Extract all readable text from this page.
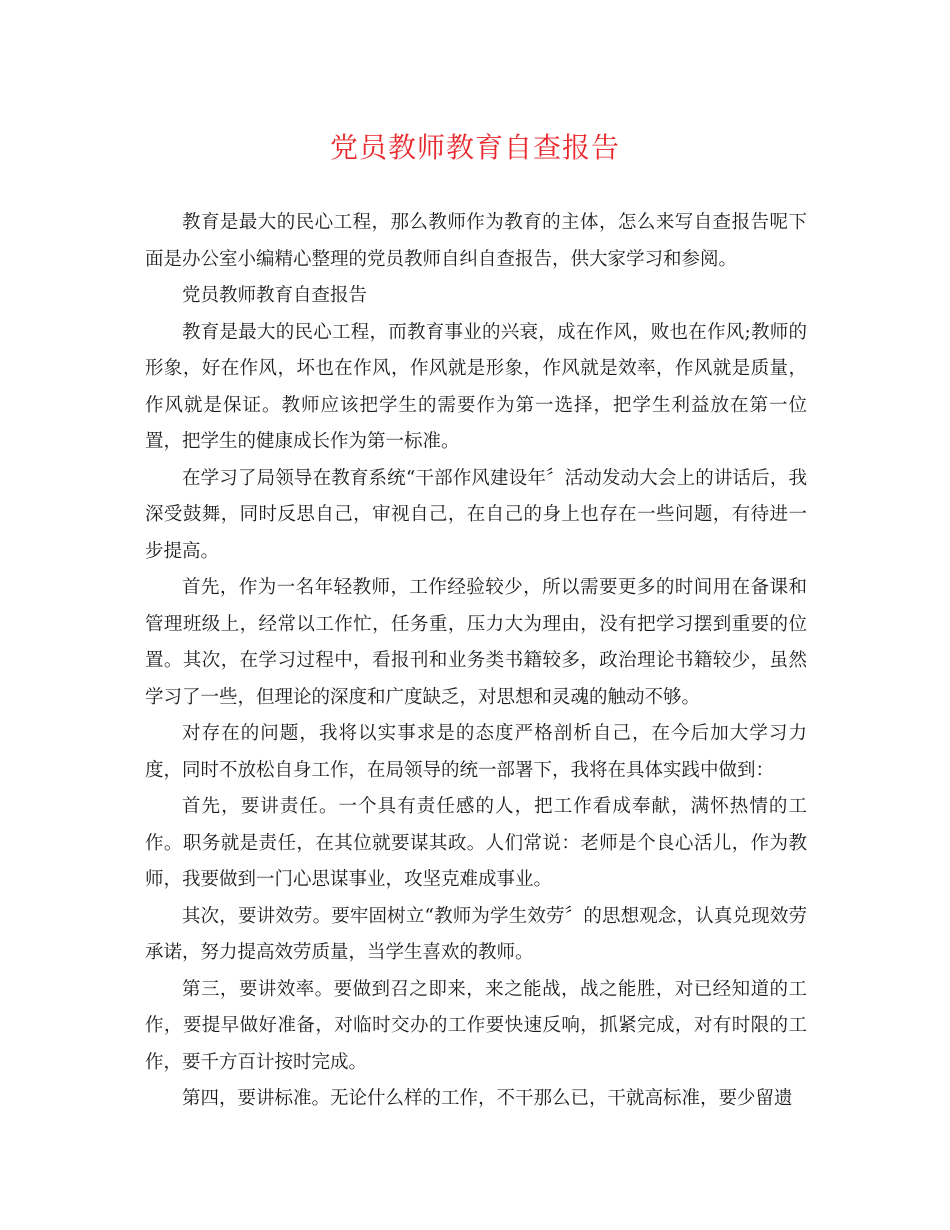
党员教师教育自查报告

教育是最大的民心工程，那么教师作为教育的主体，怎么来写自查报告呢下面是办公室小编精心整理的党员教师自纠自查报告，供大家学习和参阅。

党员教师教育自查报告

教育是最大的民心工程，而教育事业的兴衰，成在作风，败也在作风;教师的形象，好在作风，坏也在作风，作风就是形象，作风就是效率，作风就是质量，作风就是保证。教师应该把学生的需要作为第一选择，把学生利益放在第一位置，把学生的健康成长作为第一标准。

在学习了局领导在教育系统“干部作风建设年〞活动发动大会上的讲话后，我深受鼓舞，同时反思自己，审视自己，在自己的身上也存在一些问题，有待进一步提高。

首先，作为一名年轻教师，工作经验较少，所以需要更多的时间用在备课和管理班级上，经常以工作忙，任务重，压力大为理由，没有把学习摆到重要的位置。其次，在学习过程中，看报刊和业务类书籍较多，政治理论书籍较少，虽然学习了一些，但理论的深度和广度缺乏，对思想和灵魂的触动不够。

对存在的问题，我将以实事求是的态度严格剖析自己，在今后加大学习力度，同时不放松自身工作，在局领导的统一部署下，我将在具体实践中做到：

首先，要讲责任。一个具有责任感的人，把工作看成奉献，满怀热情的工作。职务就是责任，在其位就要谋其政。人们常说：老师是个良心活儿，作为教师，我要做到一门心思谋事业，攻坚克难成事业。

其次，要讲效劳。要牢固树立“教师为学生效劳〞的思想观念，认真兑现效劳承诺，努力提高效劳质量，当学生喜欢的教师。

第三，要讲效率。要做到召之即来，来之能战，战之能胜，对已经知道的工作，要提早做好准备，对临时交办的工作要快速反响，抓紧完成，对有时限的工作，要千方百计按时完成。

第四，要讲标准。无论什么样的工作，不干那么已，干就高标准，要少留遗
